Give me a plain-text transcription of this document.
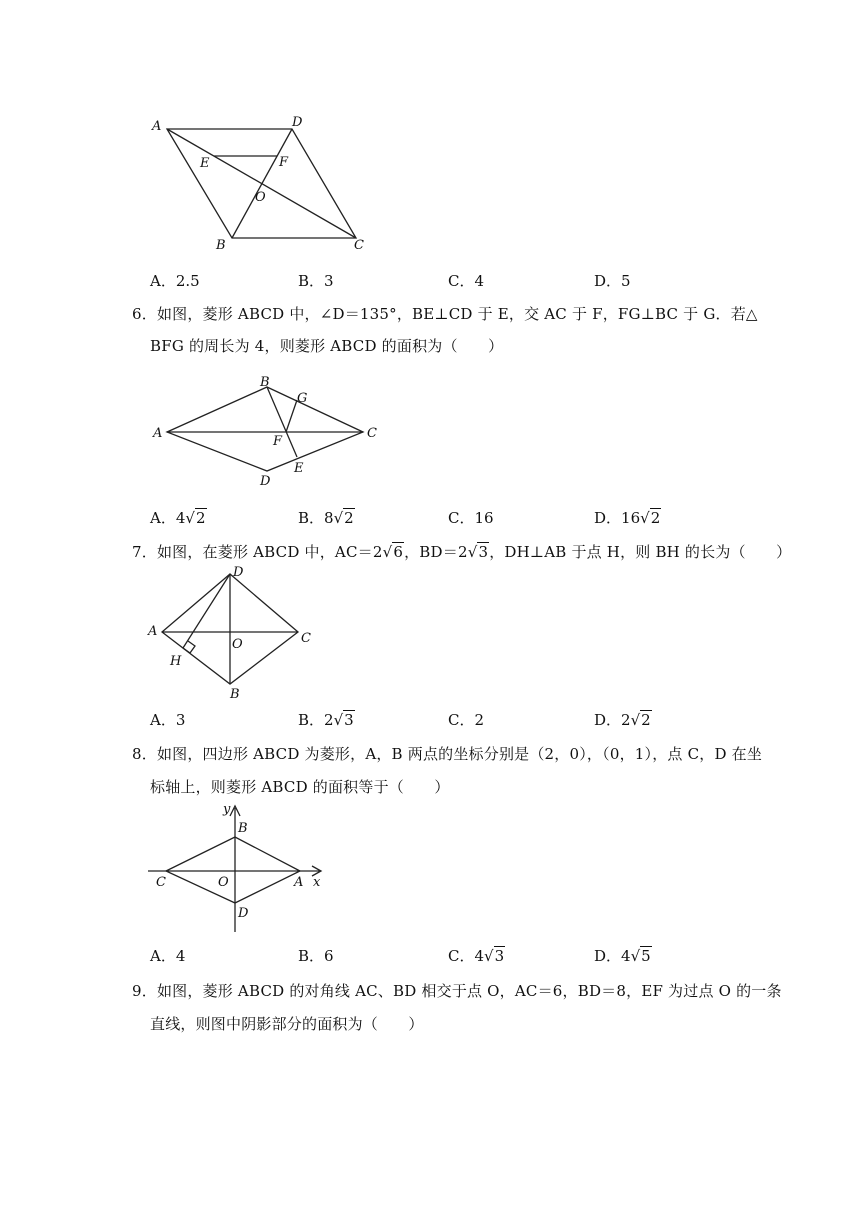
A	D
E	F
O
B	C
A．2.5	B．3	C．4	D．5
6．如图，菱形 ABCD 中，∠D＝135°，BE⊥CD 于 E，交 AC 于 F，FG⊥BC 于 G．若△
BFG 的周长为 4，则菱形 ABCD 的面积为（　　）
B
G
A	C
F
E
D
A．4√2	B．8√2	C．16	D．16√2
7．如图，在菱形 ABCD 中，AC＝2√6，BD＝2√3，DH⊥AB 于点 H，则 BH 的长为（　　）
D
A
O	C
H
B
A．3	B．2√3	C．2	D．2√2
8．如图，四边形 ABCD 为菱形，A，B 两点的坐标分别是（2，0），（0，1），点 C，D 在坐
标轴上，则菱形 ABCD 的面积等于（　　）
y
B
C	O	A x
D
A．4	B．6	C．4√3	D．4√5
9．如图，菱形 ABCD 的对角线 AC、BD 相交于点 O，AC＝6，BD＝8，EF 为过点 O 的一条
直线，则图中阴影部分的面积为（　　）
